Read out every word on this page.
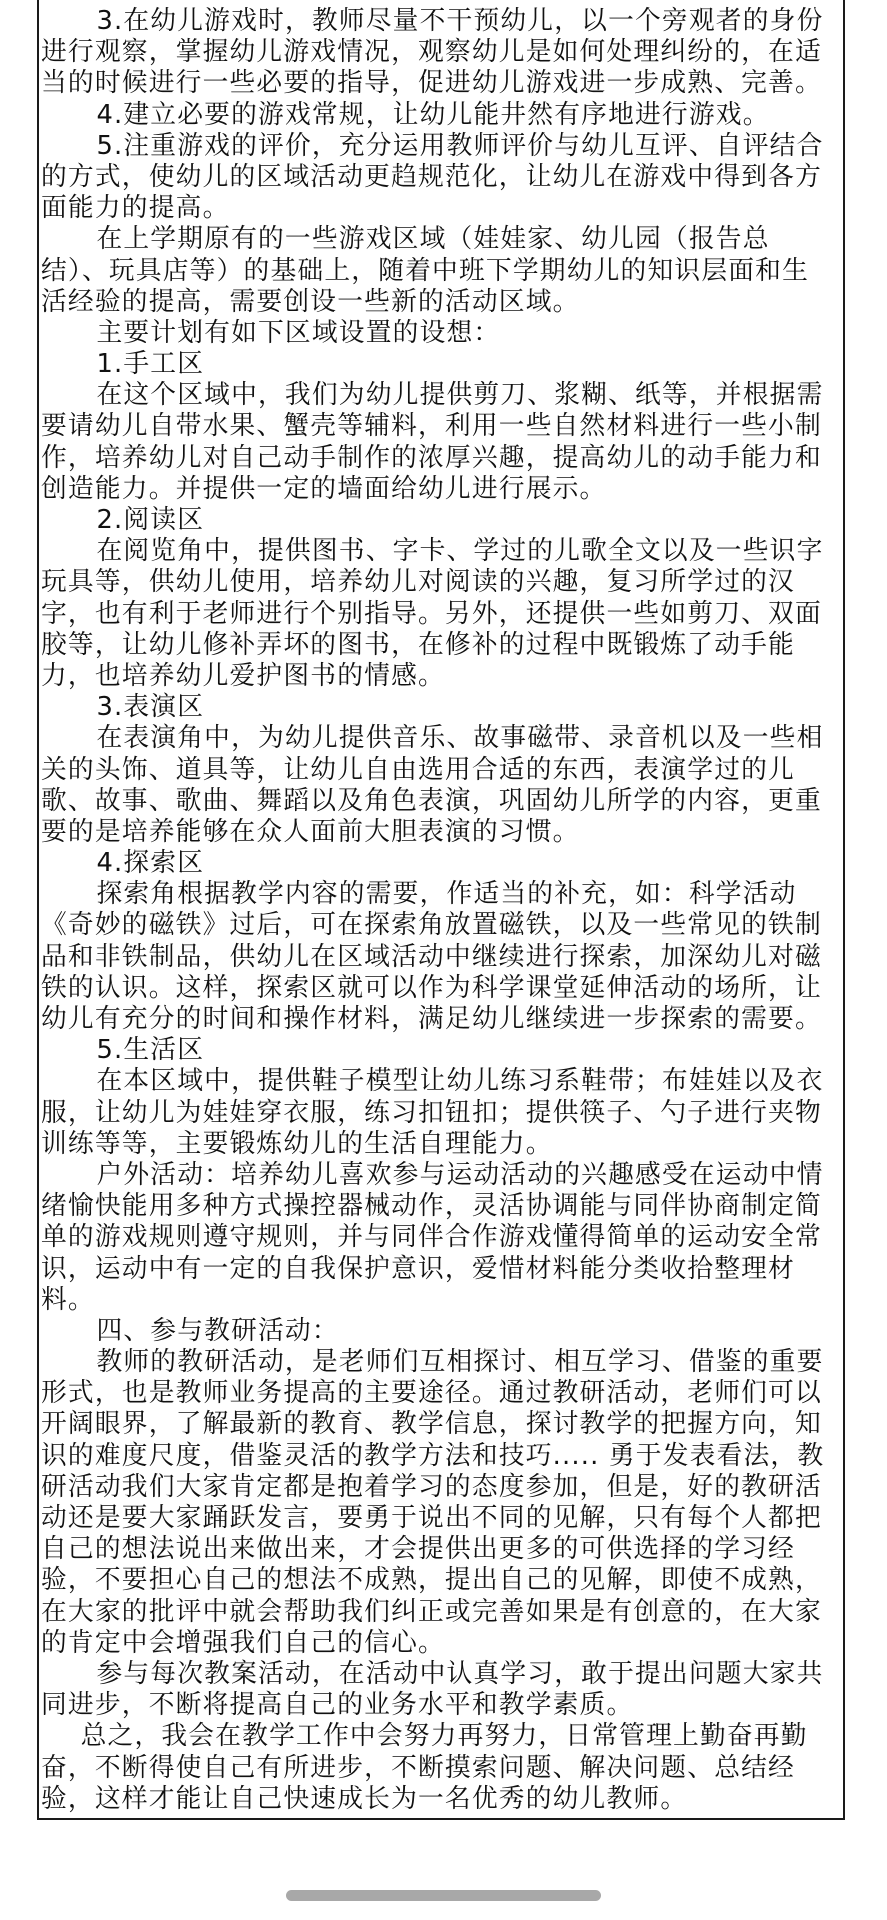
3.在幼儿游戏时，教师尽量不干预幼儿，以一个旁观者的身份
进行观察，掌握幼儿游戏情况，观察幼儿是如何处理纠纷的，在适
当的时候进行一些必要的指导，促进幼儿游戏进一步成熟、完善。
4.建立必要的游戏常规，让幼儿能井然有序地进行游戏。
5.注重游戏的评价，充分运用教师评价与幼儿互评、自评结合
的方式，使幼儿的区域活动更趋规范化，让幼儿在游戏中得到各方
面能力的提高。
在上学期原有的一些游戏区域（娃娃家、幼儿园（报告总
结）、玩具店等）的基础上，随着中班下学期幼儿的知识层面和生
活经验的提高，需要创设一些新的活动区域。
主要计划有如下区域设置的设想：
1.手工区
在这个区域中，我们为幼儿提供剪刀、浆糊、纸等，并根据需
要请幼儿自带水果、蟹壳等辅料，利用一些自然材料进行一些小制
作，培养幼儿对自己动手制作的浓厚兴趣，提高幼儿的动手能力和
创造能力。并提供一定的墙面给幼儿进行展示。
2.阅读区
在阅览角中，提供图书、字卡、学过的儿歌全文以及一些识字
玩具等，供幼儿使用，培养幼儿对阅读的兴趣，复习所学过的汉
字，也有利于老师进行个别指导。另外，还提供一些如剪刀、双面
胶等，让幼儿修补弄坏的图书，在修补的过程中既锻炼了动手能
力，也培养幼儿爱护图书的情感。
3.表演区
在表演角中，为幼儿提供音乐、故事磁带、录音机以及一些相
关的头饰、道具等，让幼儿自由选用合适的东西，表演学过的儿
歌、故事、歌曲、舞蹈以及角色表演，巩固幼儿所学的内容，更重
要的是培养能够在众人面前大胆表演的习惯。
4.探索区
探索角根据教学内容的需要，作适当的补充，如：科学活动
《奇妙的磁铁》过后，可在探索角放置磁铁，以及一些常见的铁制
品和非铁制品，供幼儿在区域活动中继续进行探索，加深幼儿对磁
铁的认识。这样，探索区就可以作为科学课堂延伸活动的场所，让
幼儿有充分的时间和操作材料，满足幼儿继续进一步探索的需要。
5.生活区
在本区域中，提供鞋子模型让幼儿练习系鞋带；布娃娃以及衣
服，让幼儿为娃娃穿衣服，练习扣钮扣；提供筷子、勺子进行夹物
训练等等，主要锻炼幼儿的生活自理能力。
户外活动：培养幼儿喜欢参与运动活动的兴趣感受在运动中情
绪愉快能用多种方式操控器械动作，灵活协调能与同伴协商制定简
单的游戏规则遵守规则，并与同伴合作游戏懂得简单的运动安全常
识，运动中有一定的自我保护意识，爱惜材料能分类收拾整理材
料。
四、参与教研活动：
教师的教研活动，是老师们互相探讨、相互学习、借鉴的重要
形式，也是教师业务提高的主要途径。通过教研活动，老师们可以
开阔眼界，了解最新的教育、教学信息，探讨教学的把握方向，知
识的难度尺度，借鉴灵活的教学方法和技巧..... 勇于发表看法，教
研活动我们大家肯定都是抱着学习的态度参加，但是，好的教研活
动还是要大家踊跃发言，要勇于说出不同的见解，只有每个人都把
自己的想法说出来做出来，才会提供出更多的可供选择的学习经
验，不要担心自己的想法不成熟，提出自己的见解，即使不成熟，
在大家的批评中就会帮助我们纠正或完善如果是有创意的，在大家
的肯定中会增强我们自己的信心。
参与每次教案活动，在活动中认真学习，敢于提出问题大家共
同进步，不断将提高自己的业务水平和教学素质。
总之，我会在教学工作中会努力再努力，日常管理上勤奋再勤
奋，不断得使自己有所进步，不断摸索问题、解决问题、总结经
验，这样才能让自己快速成长为一名优秀的幼儿教师。
